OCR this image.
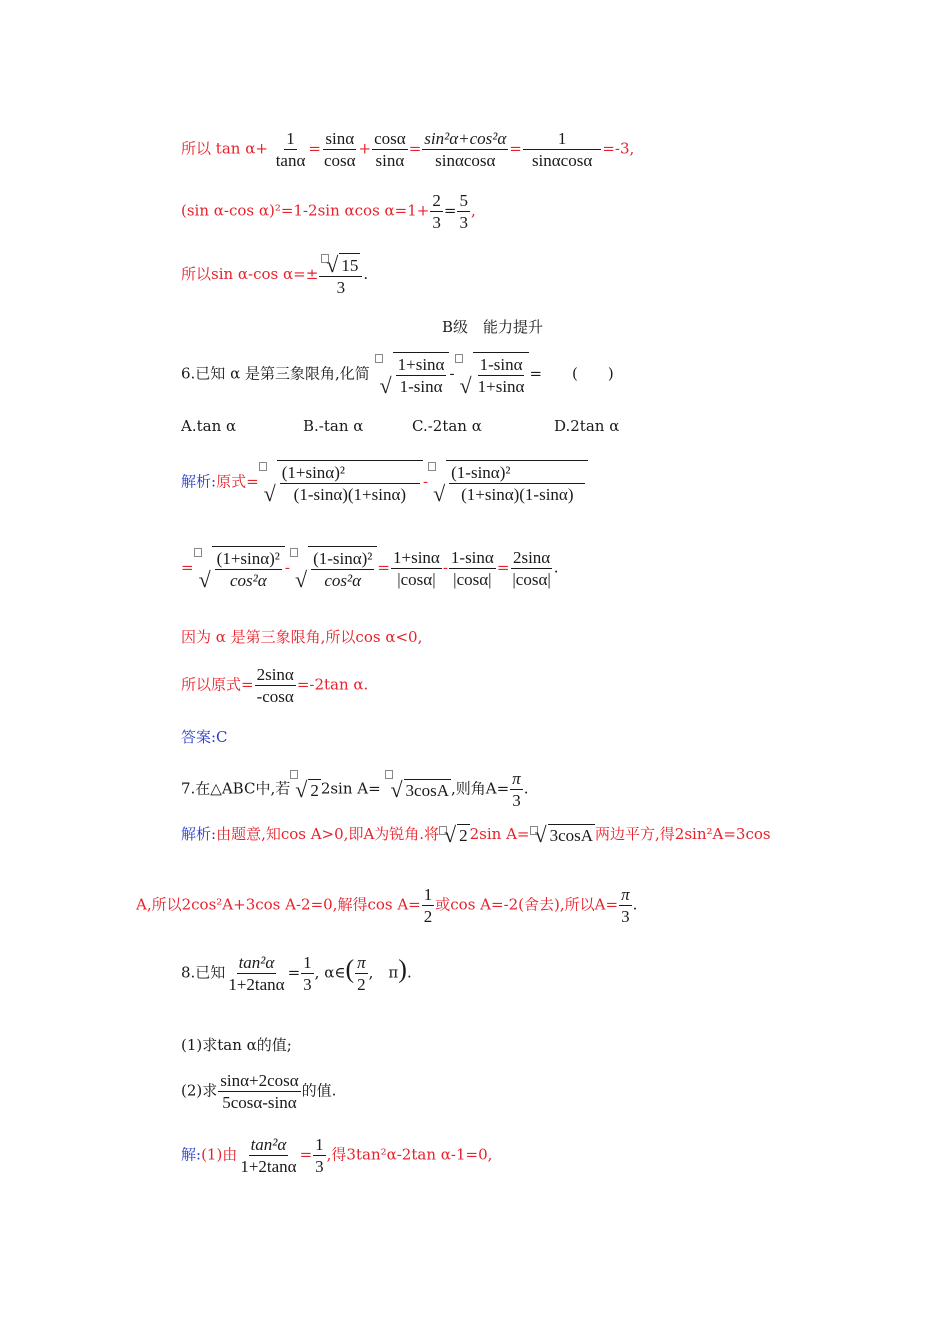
所以 $\tan \alpha+ \frac{1}{\tan\alpha} = \frac{\sin\alpha}{\cos\alpha} + \frac{\cos\alpha}{\sin\alpha} = \frac{\text{sin²α+cos²α}}{\sin\alpha\cos\alpha} = \frac{1}{\sin\alpha\cos\alpha} =-3$,
(sin α-cos α)²=1-2sin αcos $\alpha=1+ \frac{2}{3} = \frac{5}{3}$ ,
所以sin α-cos $\alpha=\pm \frac{√ 15}{3}$ .
B级　能力提升
6.已知 α 是第三象限角,化简 √ $\frac{1+\sin\alpha}{1-\sin\alpha}$ - √ $\frac{1-\sin\alpha}{1+\sin\alpha}$ =　　(　　)
A.tan α	B.-tan α	C.-2tan α	D.2tan α
解析:原式= √ $\frac{\text{(1+sinα)²}}{(1-\sin\alpha)(1+\sin\alpha)}$ - √ $\frac{\text{(1-sinα)²}}{(1+\sin\alpha)(1-\sin\alpha)}$
= √ $\frac{\text{(1+sinα)²}}{\text{cos²α}}$ - √ $\frac{\text{(1-sinα)²}}{\text{cos²α}} = \frac{1+\sin\alpha}{|\cos\alpha|} - \frac{1-\sin\alpha}{|\cos\alpha|} = \frac{2\sin\alpha}{|\cos\alpha|}$ .
因为 α 是第三象限角,所以cos α<0,
所以原式= $\frac{2\sin\alpha}{-\cos\alpha} =-2\tan$ α.
答案:C
7.在△ABC中,若 √ 2 2sin A= √ 3cosA ,则角$A= \frac{\pi}{3}$ .
解析:由题意,知cos A>0,即A为锐角.将 √ 2 2sin A= √ 3cosA 两边平方,得2sin²A=3cos
A,所以2cos²A+3cos A-2=0,解得$\cos A= \frac{1}{2}$ 或cos A=-2(舍去),所以$A= \frac{\pi}{3}$ .
8.已知 $\frac{\text{tan²α}}{1+2\tan\alpha} = \frac{1}{3}$ , α∈( $\frac{\pi}{2}$ ,　π).
(1)求tan α的值;
(2)求 $\frac{\sin\alpha+2\cos\alpha}{5\cos\alpha-\sin\alpha}$ 的值.
解:(1)由 $\frac{\text{tan²α}}{1+2\tan\alpha} = \frac{1}{3}$ ,得3tan²α-2tan α-1=0,
